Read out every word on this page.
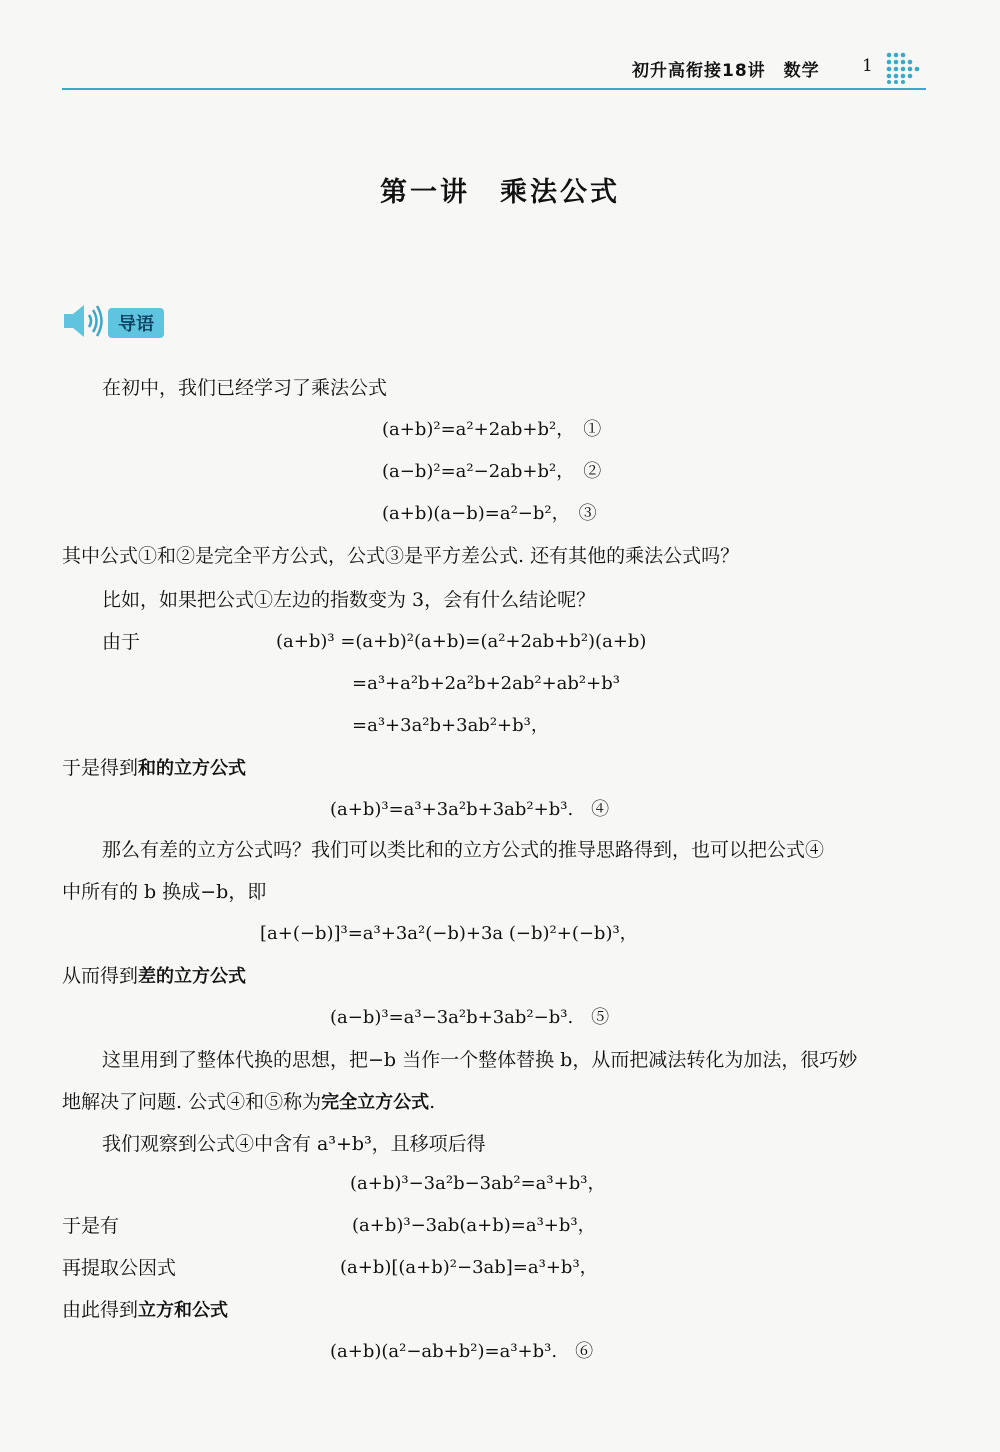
初升高衔接18讲 数学 1
第一讲　乘法公式
导语
在初中，我们已经学习了乘法公式
(a+b)²=a²+2ab+b²，　①
(a−b)²=a²−2ab+b²，　②
(a+b)(a−b)=a²−b²，　③
其中公式①和②是完全平方公式，公式③是平方差公式. 还有其他的乘法公式吗？
比如，如果把公式①左边的指数变为 3，会有什么结论呢？
由于	(a+b)³ =(a+b)²(a+b)=(a²+2ab+b²)(a+b)
=a³+a²b+2a²b+2ab²+ab²+b³
=a³+3a²b+3ab²+b³，
于是得到和的立方公式
(a+b)³=a³+3a²b+3ab²+b³.　④
那么有差的立方公式吗？我们可以类比和的立方公式的推导思路得到，也可以把公式④
中所有的 b 换成−b，即
[a+(−b)]³=a³+3a²(−b)+3a (−b)²+(−b)³，
从而得到差的立方公式
(a−b)³=a³−3a²b+3ab²−b³.　⑤
这里用到了整体代换的思想，把−b 当作一个整体替换 b，从而把减法转化为加法，很巧妙
地解决了问题. 公式④和⑤称为完全立方公式.
我们观察到公式④中含有 a³+b³，且移项后得
(a+b)³−3a²b−3ab²=a³+b³，
于是有	(a+b)³−3ab(a+b)=a³+b³，
再提取公因式	(a+b)[(a+b)²−3ab]=a³+b³，
由此得到立方和公式
(a+b)(a²−ab+b²)=a³+b³.　⑥
